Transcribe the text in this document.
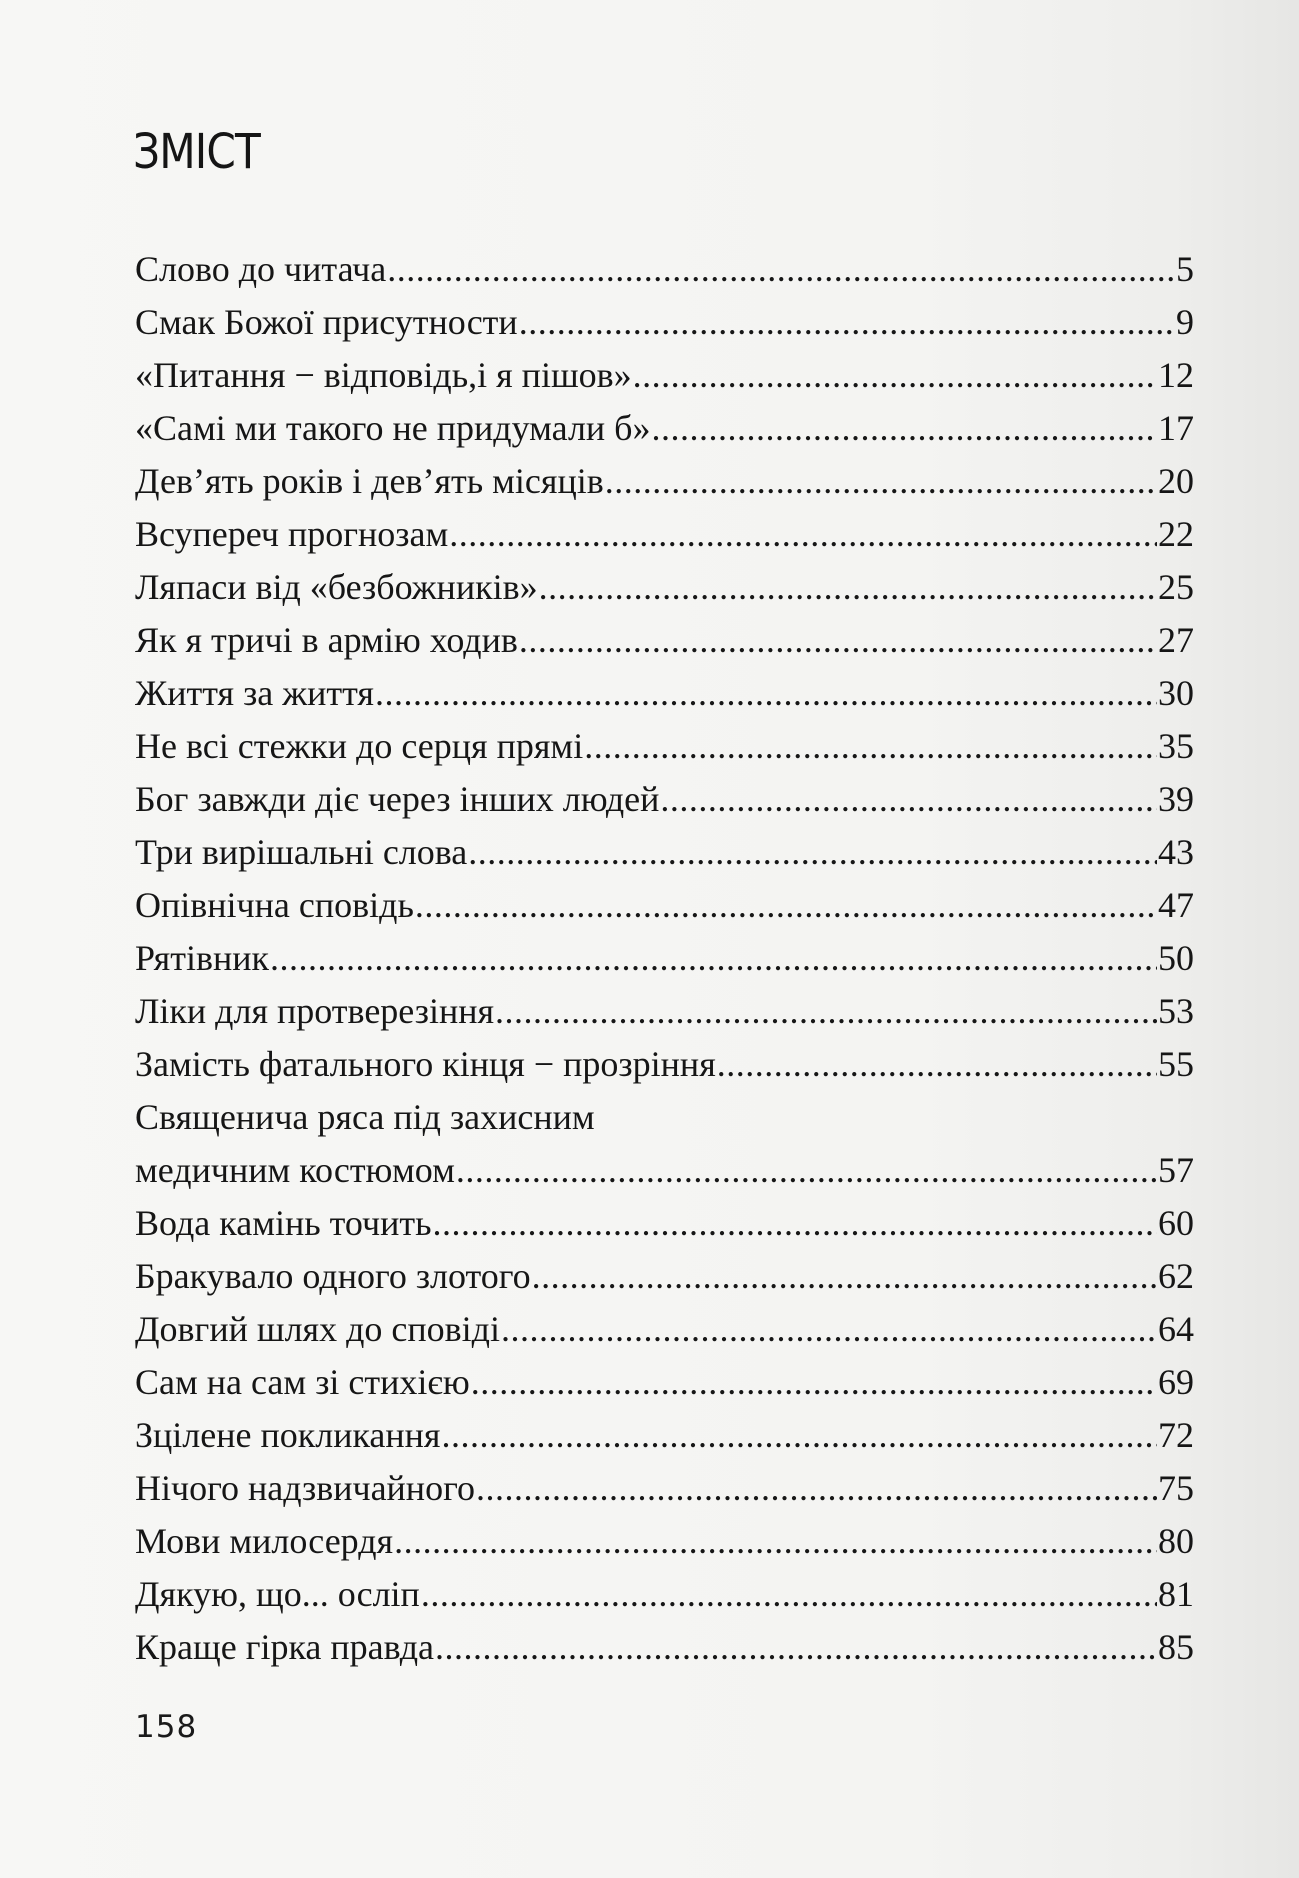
ЗМІСТ
Слово до читача .....	5
Смак Божої присутности .....	9
«Питання − відповідь,і я пішов» .....	12
«Самі ми такого не придумали б» .....	17
Дев’ять років і дев’ять місяців .....	20
Всупереч прогнозам .....	22
Ляпаси від «безбожників» .....	25
Як я тричі в армію ходив .....	27
Життя за життя .....	30
Не всі стежки до серця прямі .....	35
Бог завжди діє через інших людей .....	39
Три вирішальні слова .....	43
Опівнічна сповідь .....	47
Рятівник .....	50
Ліки для протверезіння .....	53
Замість фатального кінця − прозріння .....	55
Священича ряса під захисним
медичним костюмом .....	57
Вода камінь точить .....	60
Бракувало одного злотого .....	62
Довгий шлях до сповіді .....	64
Сам на сам зі стихією .....	69
Зцілене покликання .....	72
Нічого надзвичайного .....	75
Мови милосердя .....	80
Дякую, що... осліп .....	81
Краще гірка правда .....	85
158
